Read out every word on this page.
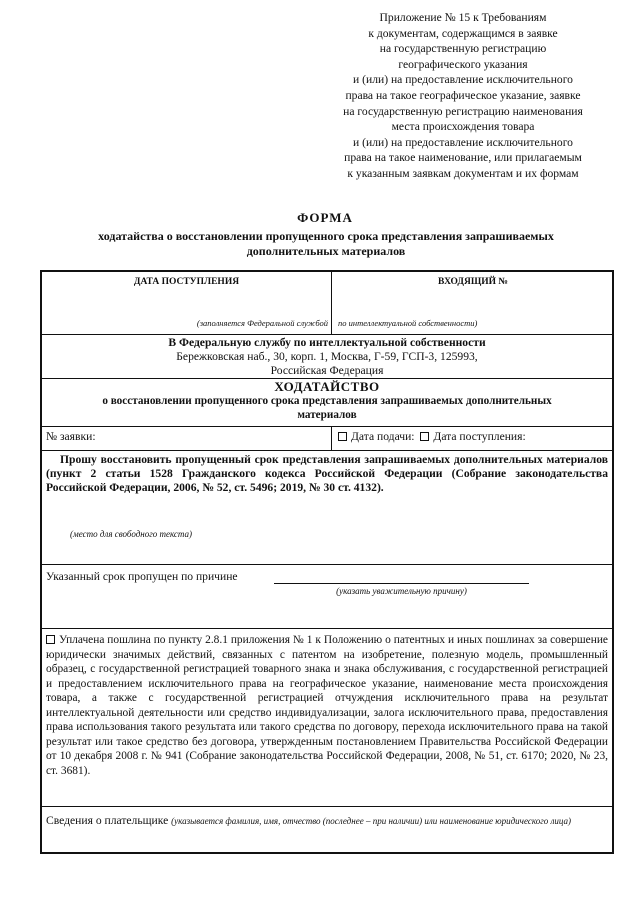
Приложение № 15 к Требованиям
к документам, содержащимся в заявке
на государственную регистрацию
географического указания
и (или) на предоставление исключительного
права на такое географическое указание, заявке
на государственную регистрацию наименования
места происхождения товара
и (или) на предоставление исключительного
права на такое наименование, или прилагаемым
к указанным заявкам документам и их формам
ФОРМА
ходатайства о восстановлении пропущенного срока представления запрашиваемых
дополнительных материалов
ДАТА ПОСТУПЛЕНИЯ	ВХОДЯЩИЙ №
(заполняется Федеральной службой по интеллектуальной собственности)
В Федеральную службу по интеллектуальной собственности
Бережковская наб., 30, корп. 1, Москва, Г-59, ГСП-3, 125993,
Российская Федерация
ХОДАТАЙСТВО
о восстановлении пропущенного срока представления запрашиваемых дополнительных
материалов
№ заявки:	Дата подачи: Дата поступления:
Прошу восстановить пропущенный срок представления запрашиваемых дополнительных материалов (пункт 2 статьи 1528 Гражданского кодекса Российской Федерации (Собрание законодательства Российской Федерации, 2006, № 52, ст. 5496; 2019, № 30 ст. 4132).
(место для свободного текста)
Указанный срок пропущен по причине
(указать уважительную причину)
Уплачена пошлина по пункту 2.8.1 приложения № 1 к Положению о патентных и иных пошлинах за совершение юридически значимых действий, связанных с патентом на изобретение, полезную модель, промышленный образец, с государственной регистрацией товарного знака и знака обслуживания, с государственной регистрацией и предоставлением исключительного права на географическое указание, наименование места происхождения товара, а также с государственной регистрацией отчуждения исключительного права на результат интеллектуальной деятельности или средство индивидуализации, залога исключительного права, предоставления права использования такого результата или такого средства по договору, перехода исключительного права на такой результат или такое средство без договора, утвержденным постановлением Правительства Российской Федерации от 10 декабря 2008 г. № 941 (Собрание законодательства Российской Федерации, 2008, № 51, ст. 6170; 2020, № 23, ст. 3681).
Сведения о плательщике (указывается фамилия, имя, отчество (последнее – при наличии) или наименование юридического лица)
